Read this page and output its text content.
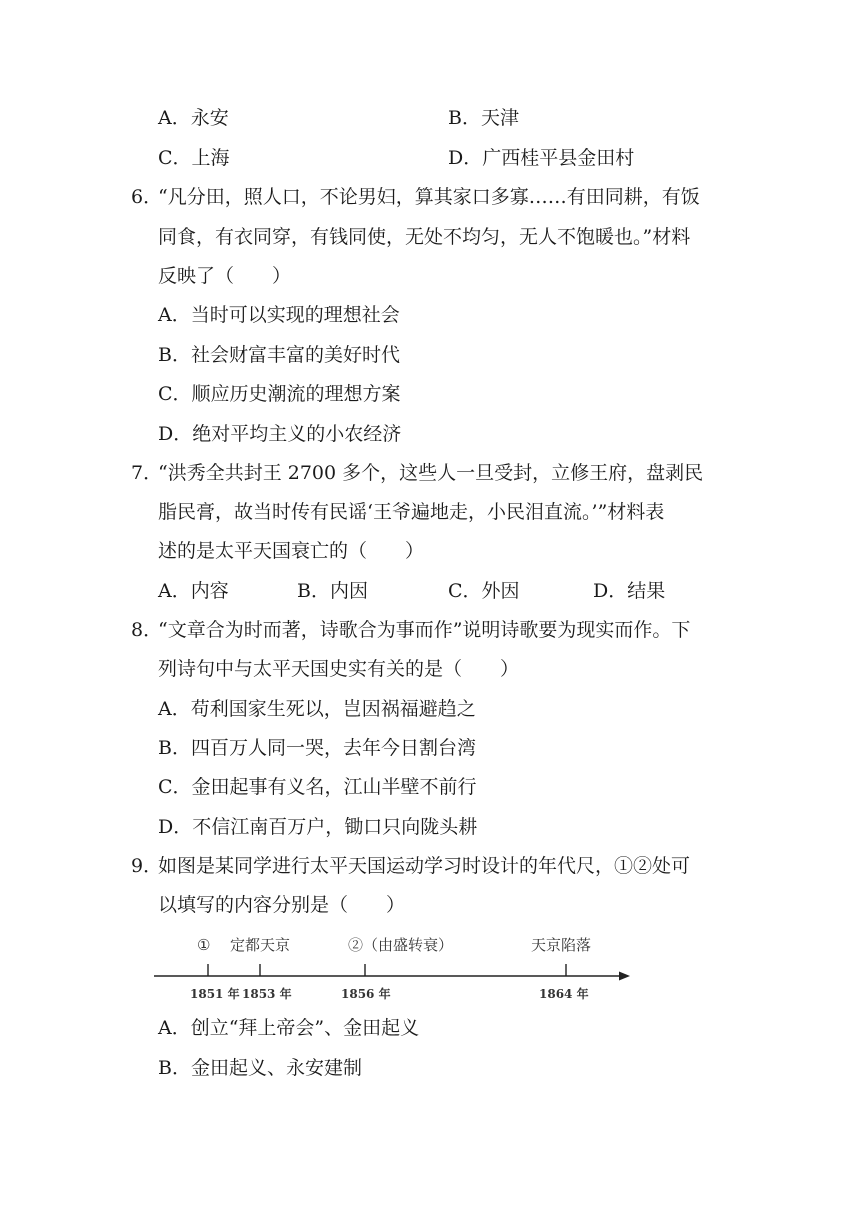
A．永安	B．天津
C．上海	D．广西桂平县金田村
6．
“凡分田，照人口，不论男妇，算其家口多寡……有田同耕，有饭
同食，有衣同穿，有钱同使，无处不均匀，无人不饱暖也。”材料
反映了（　　）
A．当时可以实现的理想社会
B．社会财富丰富的美好时代
C．顺应历史潮流的理想方案
D．绝对平均主义的小农经济
7．
“洪秀全共封王 2700 多个，这些人一旦受封，立修王府，盘剥民
脂民膏，故当时传有民谣‘王爷遍地走，小民泪直流。’”材料表
述的是太平天国衰亡的（　　）
A．内容	B．内因	C．外因	D．结果
8．
“文章合为时而著，诗歌合为事而作”说明诗歌要为现实而作。下
列诗句中与太平天国史实有关的是（　　）
A．苟利国家生死以，岂因祸福避趋之
B．四百万人同一哭，去年今日割台湾
C．金田起事有义名，江山半壁不前行
D．不信江南百万户，锄口只向陇头耕
9．
如图是某同学进行太平天国运动学习时设计的年代尺，①②处可
以填写的内容分别是（　　）
① 定都天京	②（由盛转衰）	天京陷落
1851 年 1853 年	1856 年	1864 年
A．创立“拜上帝会”、金田起义
B．金田起义、永安建制
